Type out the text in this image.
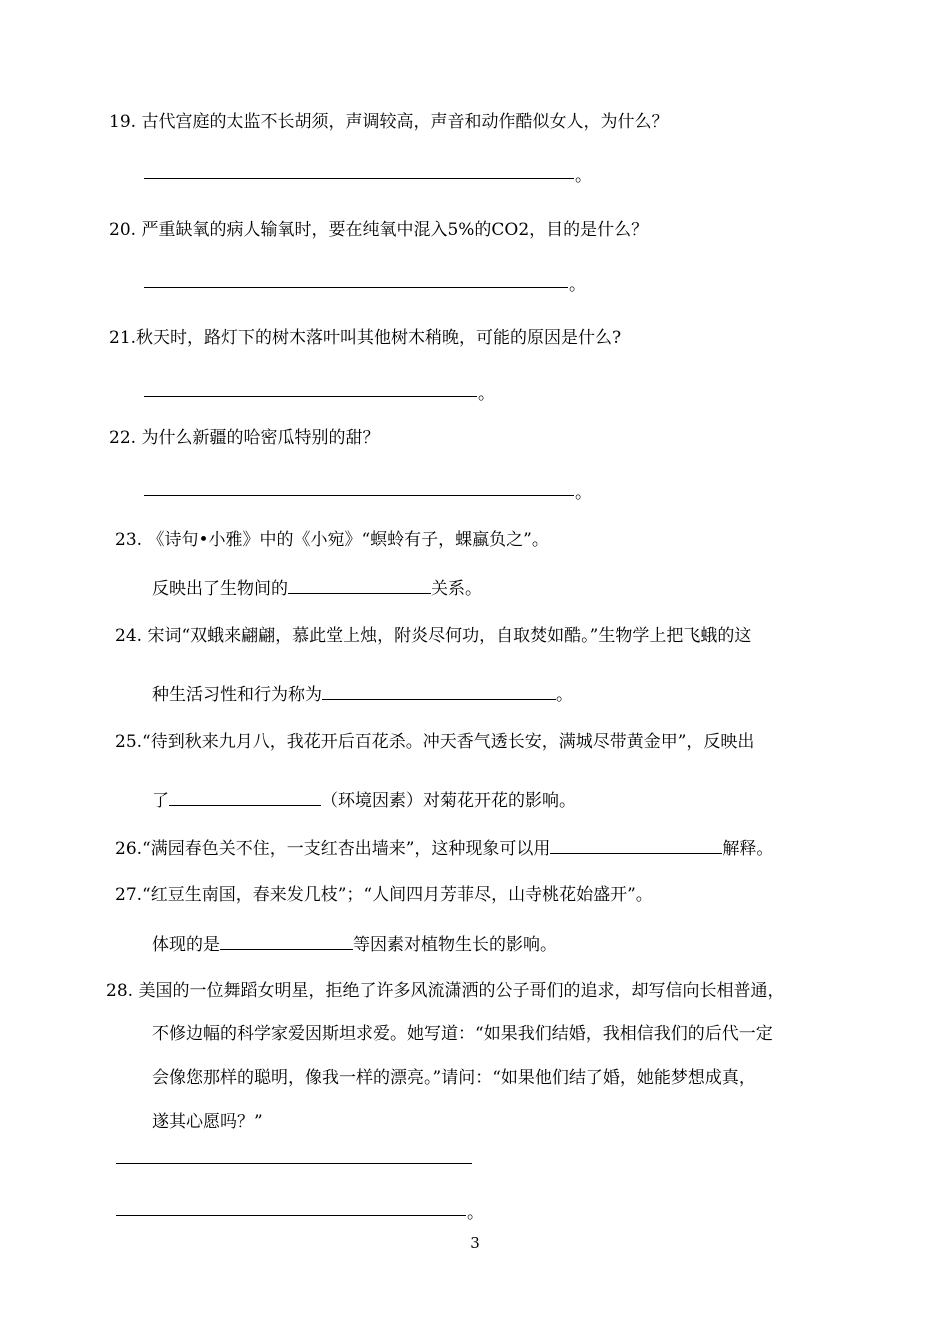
19. 古代宫庭的太监不长胡须，声调较高，声音和动作酷似女人，为什么？
。
20. 严重缺氧的病人输氧时，要在纯氧中混入5%的CO2，目的是什么？
。
21.秋天时，路灯下的树木落叶叫其他树木稍晚，可能的原因是什么?
。
22. 为什么新疆的哈密瓜特别的甜？
。
23. 《诗句•小雅》中的《小宛》“螟蛉有子，蜾蠃负之”。
反映出了生物间的	关系。
24. 宋词“双蛾来翩翩，慕此堂上烛，附炎尽何功，自取焚如酷。”生物学上把飞蛾的这
种生活习性和行为称为	。
25.“待到秋来九月八，我花开后百花杀。冲天香气透长安，满城尽带黄金甲”，反映出
了	（环境因素）对菊花开花的影响。
26.“满园春色关不住，一支红杏出墙来”，这种现象可以用	解释。
27.“红豆生南国，春来发几枝”；“人间四月芳菲尽，山寺桃花始盛开”。
体现的是	等因素对植物生长的影响。
28. 美国的一位舞蹈女明星，拒绝了许多风流潇洒的公子哥们的追求，却写信向长相普通，
不修边幅的科学家爱因斯坦求爱。她写道：“如果我们结婚，我相信我们的后代一定
会像您那样的聪明，像我一样的漂亮。”请问：“如果他们结了婚，她能梦想成真，
遂其心愿吗？”
。
3
